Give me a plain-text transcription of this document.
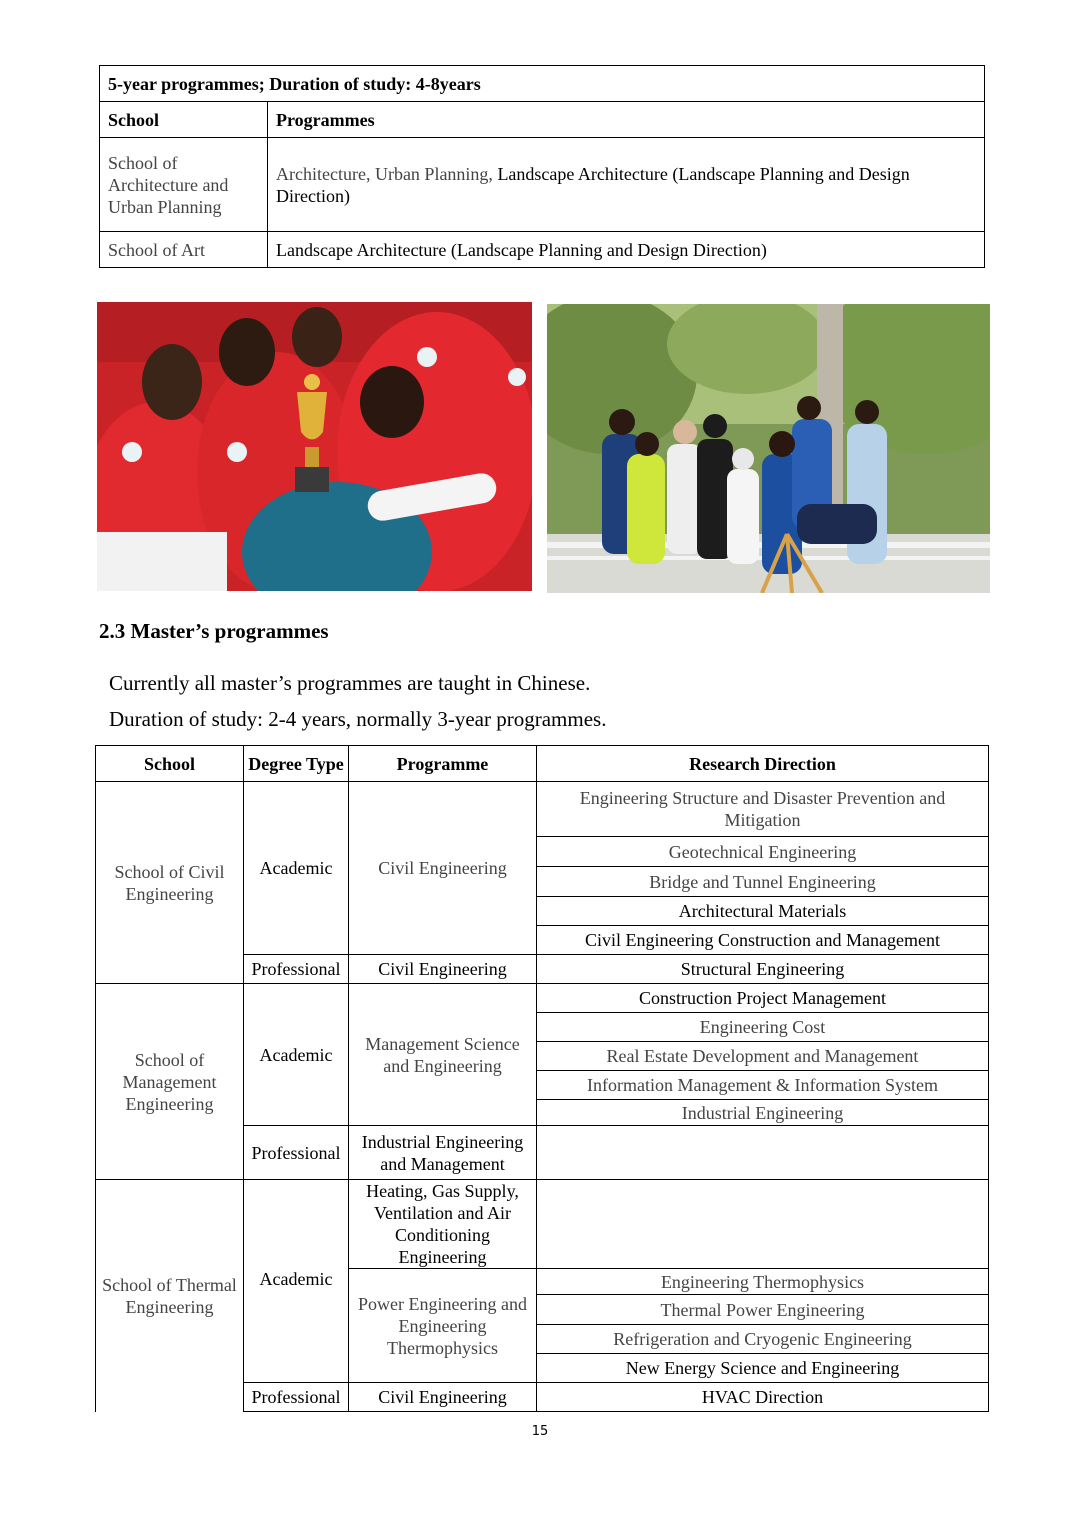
5-year programmes; Duration of study: 4-8years	
School	Programmes
School of Architecture and Urban Planning	Architecture, Urban Planning, Landscape Architecture (Landscape Planning and Design Direction)
School of Art	Landscape Architecture (Landscape Planning and Design Direction)
2.3 Master’s programmes
Currently all master’s programmes are taught in Chinese.
Duration of study: 2-4 years, normally 3-year programmes.
School	Degree Type	Programme	Research Direction
School of Civil Engineering	Academic	Civil Engineering	Engineering Structure and Disaster Prevention and Mitigation
			Geotechnical Engineering
			Bridge and Tunnel Engineering
			Architectural Materials
			Civil Engineering Construction and Management
	Professional	Civil Engineering	Structural Engineering
School of Management Engineering	Academic	Management Science and Engineering	Construction Project Management
			Engineering Cost
			Real Estate Development and Management
			Information Management & Information System
			Industrial Engineering
	Professional	Industrial Engineering and Management	
School of Thermal Engineering	Academic	Heating, Gas Supply, Ventilation and Air Conditioning Engineering	
		Power Engineering and Engineering Thermophysics	Engineering Thermophysics
			Thermal Power Engineering
			Refrigeration and Cryogenic Engineering
			New Energy Science and Engineering
	Professional	Civil Engineering	HVAC Direction
15
